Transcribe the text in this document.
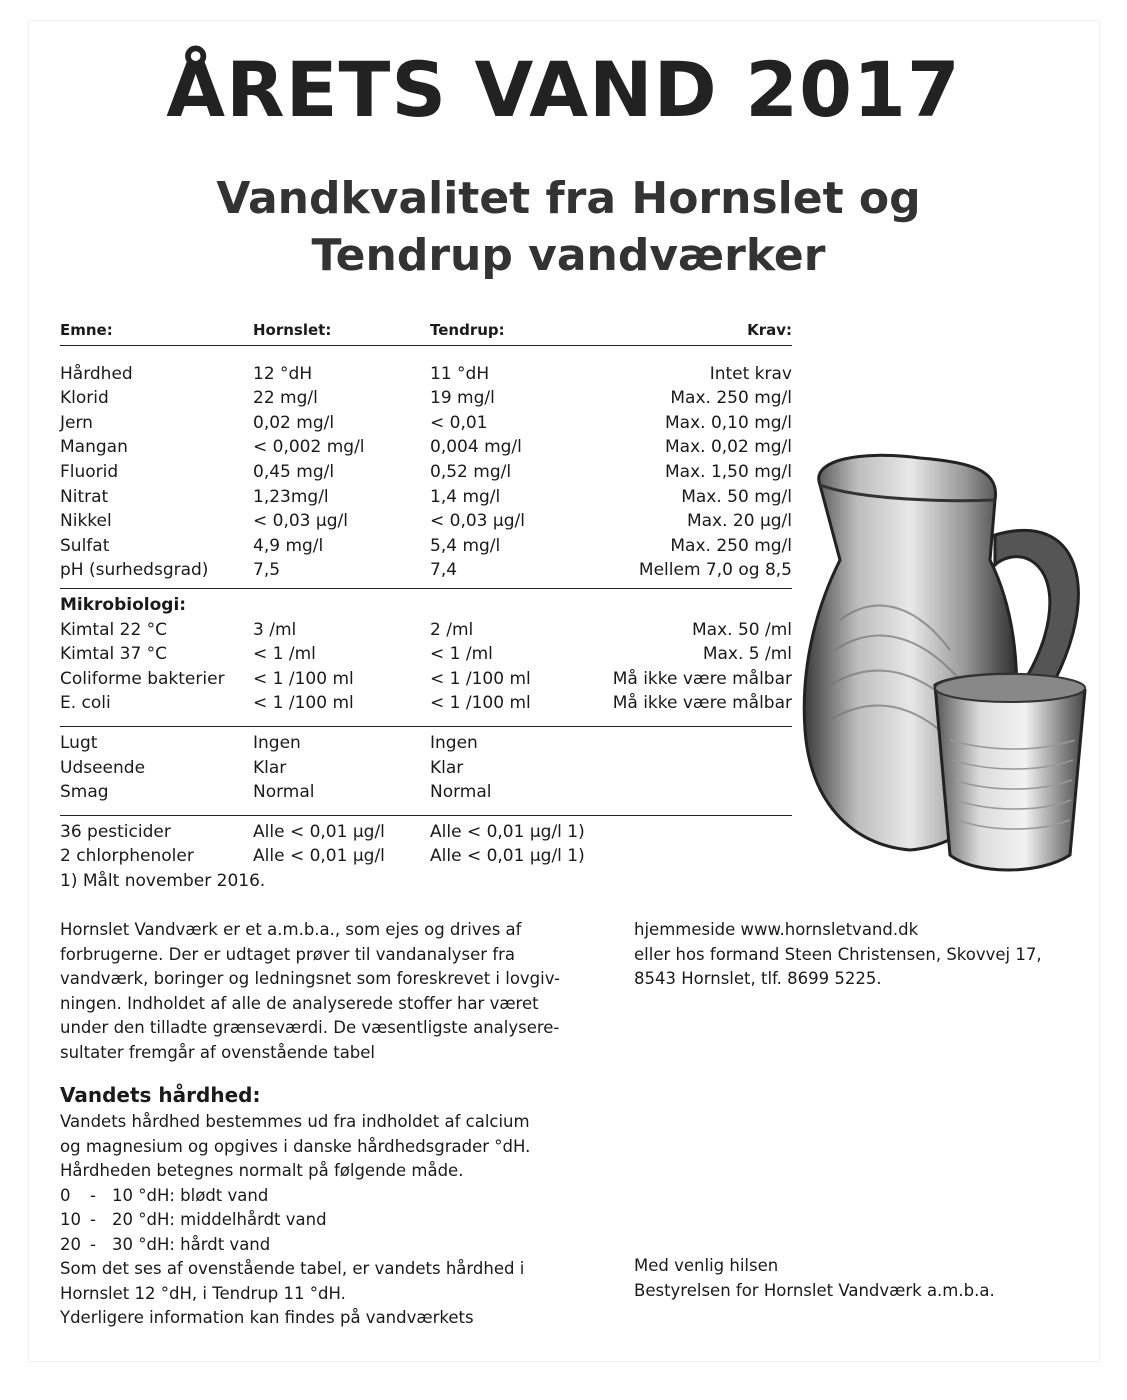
ÅRETS VAND 2017
Vandkvalitet fra Hornslet og
Tendrup vandværker
Emne:	Hornslet:	Tendrup:	Krav:
Hårdhed	12 °dH	11 °dH	Intet krav
Klorid	22 mg/l	19 mg/l	Max. 250 mg/l
Jern	0,02 mg/l	< 0,01	Max. 0,10 mg/l
Mangan	< 0,002 mg/l	0,004 mg/l	Max. 0,02 mg/l
Fluorid	0,45 mg/l	0,52 mg/l	Max. 1,50 mg/l
Nitrat	1,23mg/l	1,4 mg/l	Max. 50 mg/l
Nikkel	< 0,03 µg/l	< 0,03 µg/l	Max. 20 µg/l
Sulfat	4,9 mg/l	5,4 mg/l	Max. 250 mg/l
pH (surhedsgrad)	7,5	7,4	Mellem 7,0 og 8,5
Mikrobiologi:
Kimtal 22 °C	3 /ml	2 /ml	Max. 50 /ml
Kimtal 37 °C	< 1 /ml	< 1 /ml	Max. 5 /ml
Coliforme bakterier < 1 /100 ml	< 1 /100 ml	Må ikke være målbar
E. coli	< 1 /100 ml	< 1 /100 ml	Må ikke være målbar
Lugt	Ingen	Ingen
Udseende	Klar	Klar
Smag	Normal	Normal
36 pesticider	Alle < 0,01 µg/l	Alle < 0,01 µg/l 1)
2 chlorphenoler	Alle < 0,01 µg/l	Alle < 0,01 µg/l 1)
1) Målt november 2016.
Hornslet Vandværk er et a.m.b.a., som ejes og drives af
forbrugerne. Der er udtaget prøver til vandanalyser fra
vandværk, boringer og ledningsnet som foreskrevet i lovgiv-
ningen. Indholdet af alle de analyserede stoffer har været
under den tilladte grænseværdi. De væsentligste analysere-
sultater fremgår af ovenstående tabel
hjemmeside www.hornsletvand.dk
eller hos formand Steen Christensen, Skovvej 17,
8543 Hornslet, tlf. 8699 5225.
Vandets hårdhed:
Vandets hårdhed bestemmes ud fra indholdet af calcium
og magnesium og opgives i danske hårdhedsgrader °dH.
Hårdheden betegnes normalt på følgende måde.
0 - 10 °dH: blødt vand
10 - 20 °dH: middelhårdt vand
20 - 30 °dH: hårdt vand
Som det ses af ovenstående tabel, er vandets hårdhed i
Hornslet 12 °dH, i Tendrup 11 °dH.
Yderligere information kan findes på vandværkets
Med venlig hilsen
Bestyrelsen for Hornslet Vandværk a.m.b.a.
